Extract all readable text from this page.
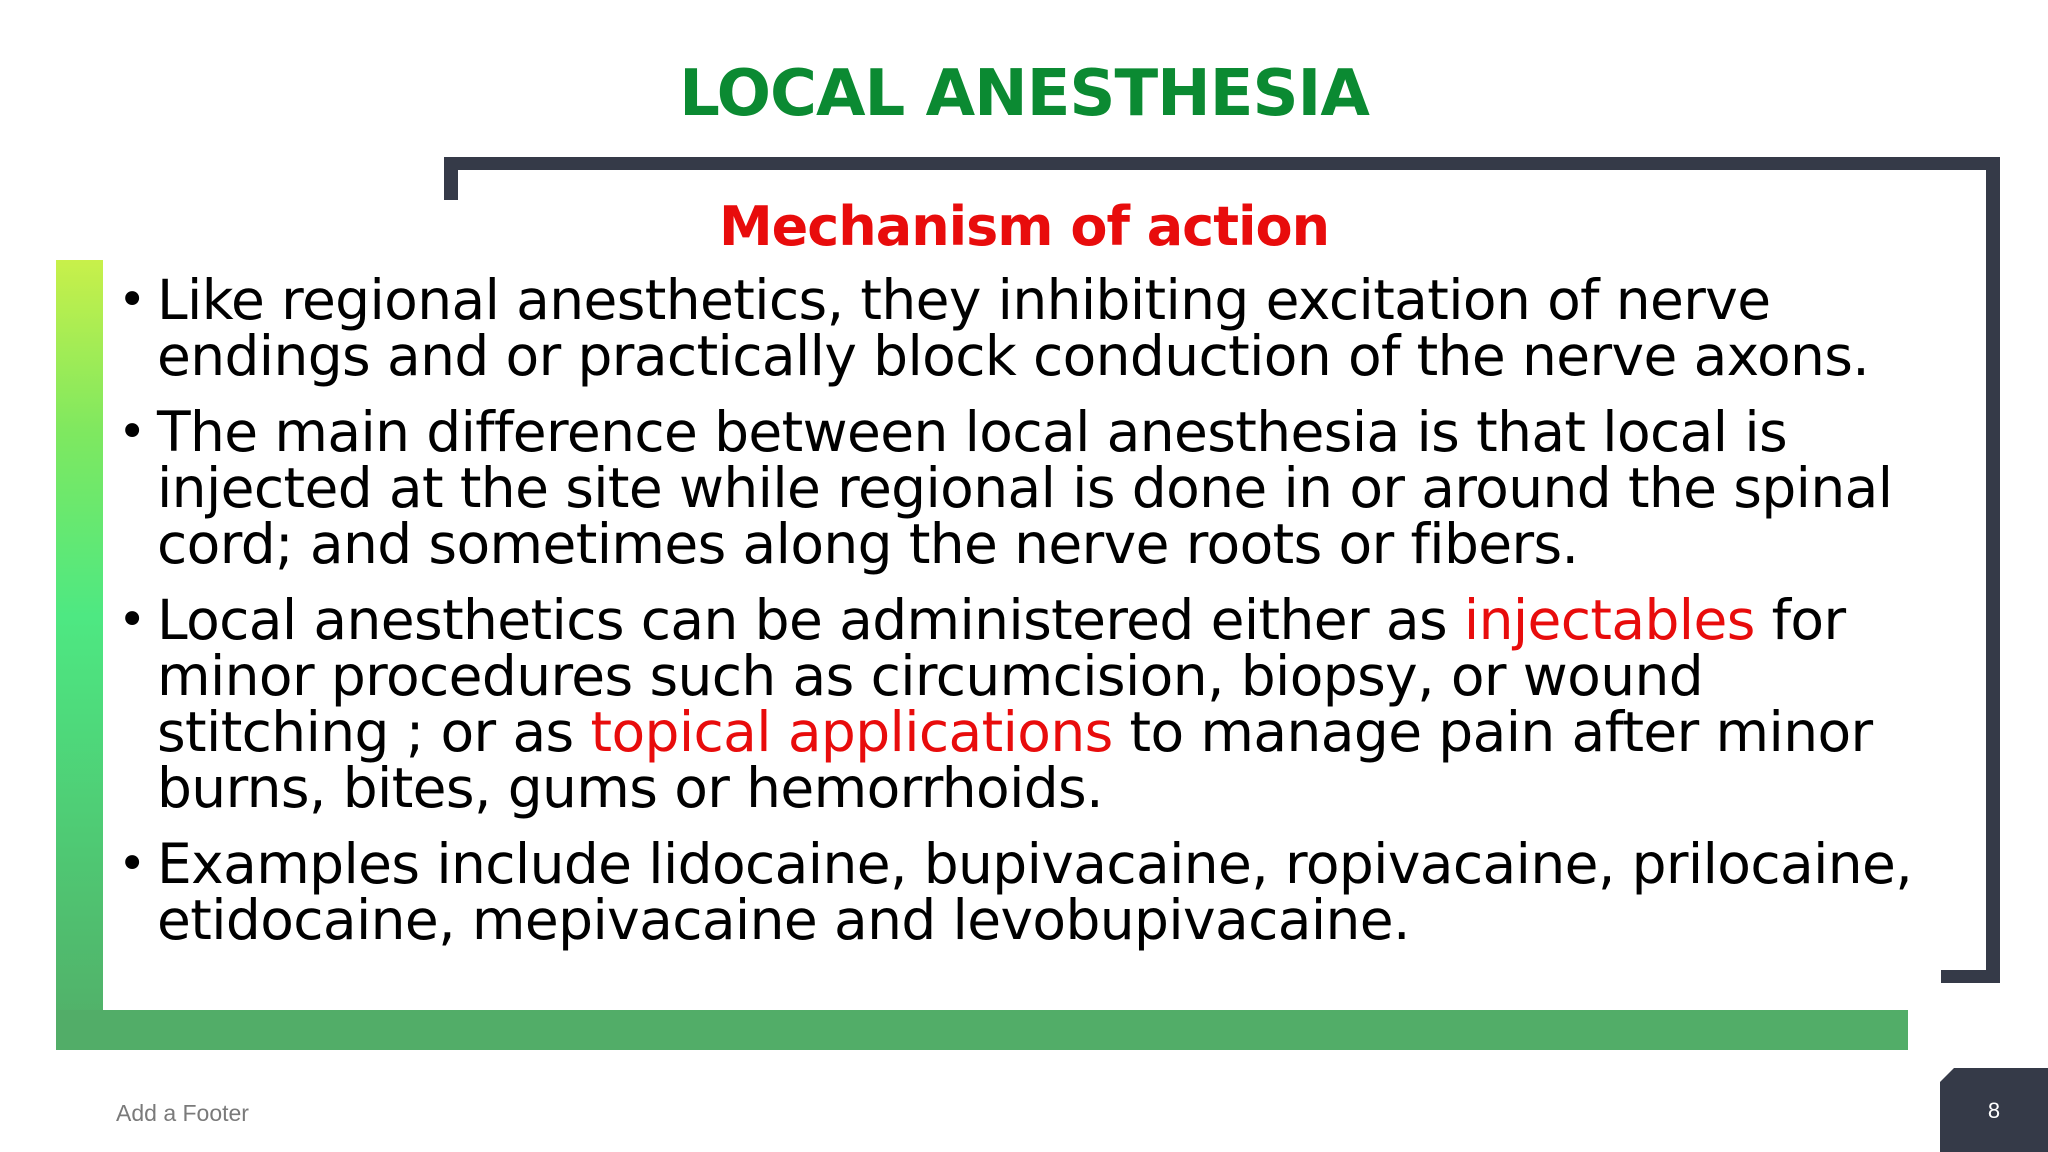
LOCAL ANESTHESIA
Mechanism of action
• Like regional anesthetics, they inhibiting excitation of nerve
endings and or practically block conduction of the nerve axons.
• The main difference between local anesthesia is that local is
injected at the site while regional is done in or around the spinal
cord; and sometimes along the nerve roots or fibers.
• Local anesthetics can be administered either as injectables for
minor procedures such as circumcision, biopsy, or wound
stitching ; or as topical applications to manage pain after minor
burns, bites, gums or hemorrhoids.
• Examples include lidocaine, bupivacaine, ropivacaine, prilocaine,
etidocaine, mepivacaine and levobupivacaine.
Add a Footer	8
